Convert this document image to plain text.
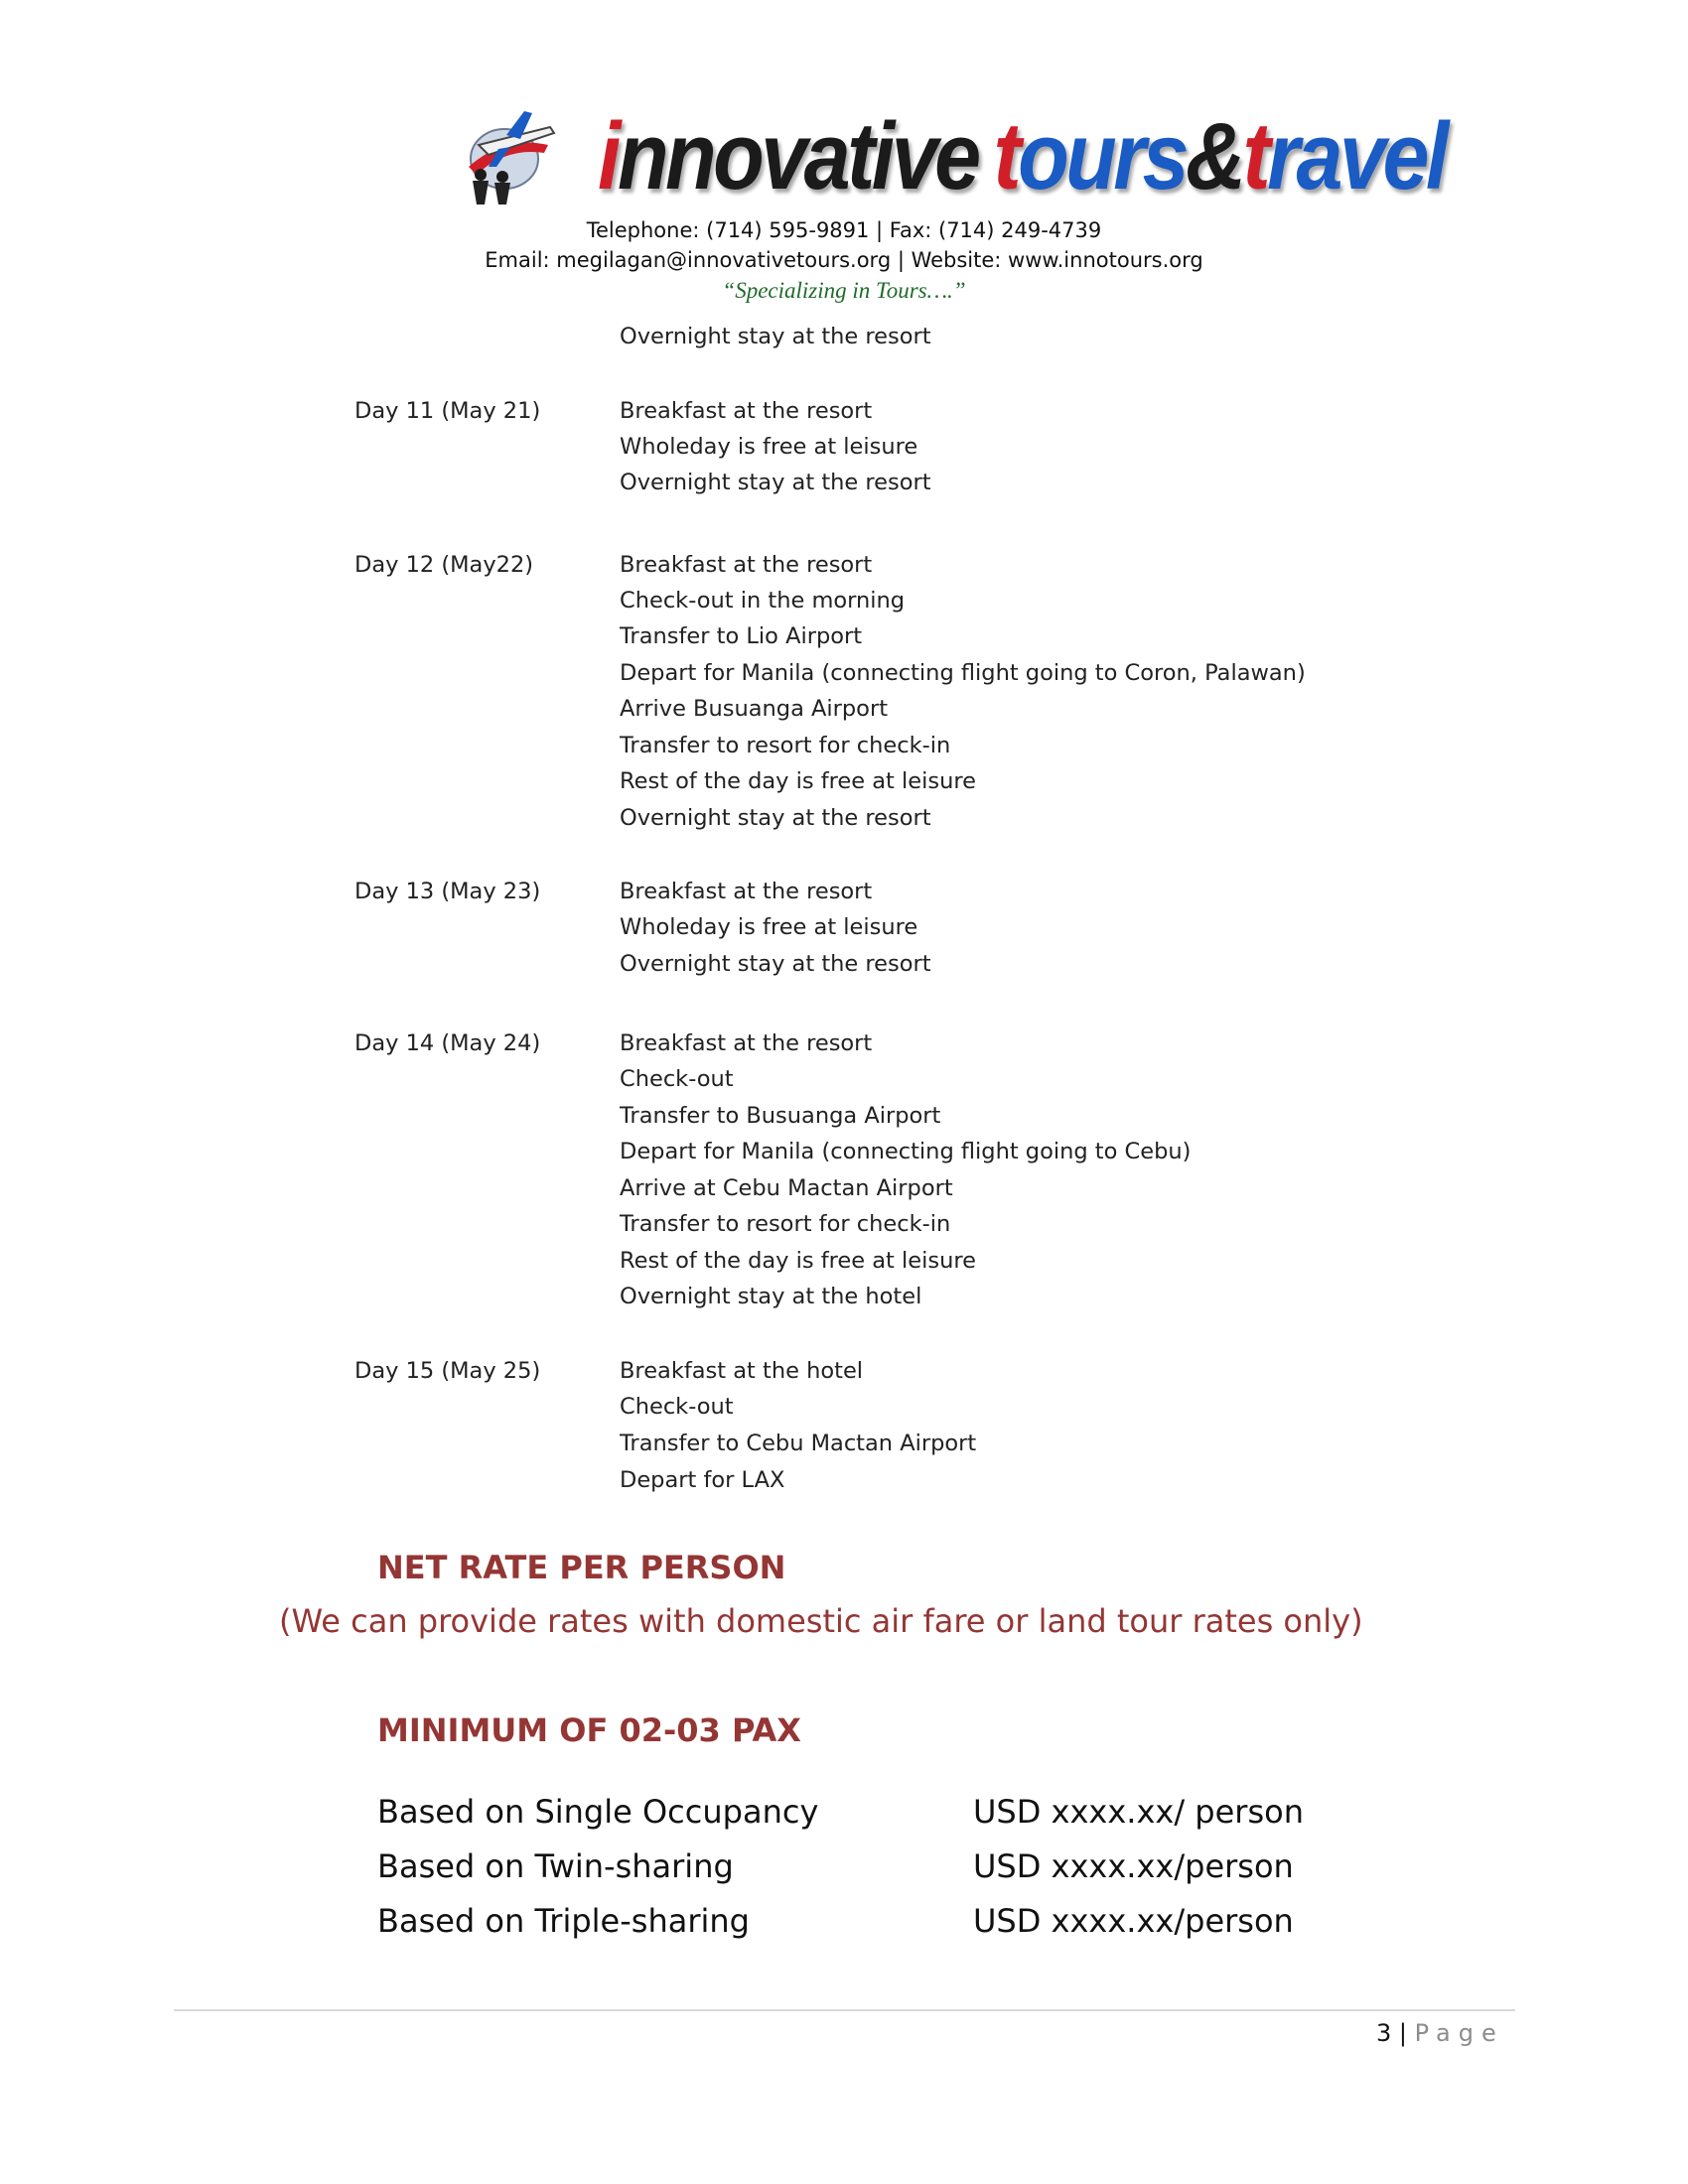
innovative tours&travel
Telephone: (714) 595-9891 | Fax: (714) 249-4739
Email: megilagan@innovativetours.org | Website: www.innotours.org
“Specializing in Tours….”
Overnight stay at the resort
Day 11 (May 21)	Breakfast at the resort
Wholeday is free at leisure
Overnight stay at the resort
Day 12 (May22)	Breakfast at the resort
Check-out in the morning
Transfer to Lio Airport
Depart for Manila (connecting flight going to Coron, Palawan)
Arrive Busuanga Airport
Transfer to resort for check-in
Rest of the day is free at leisure
Overnight stay at the resort
Day 13 (May 23)	Breakfast at the resort
Wholeday is free at leisure
Overnight stay at the resort
Day 14 (May 24)	Breakfast at the resort
Check-out
Transfer to Busuanga Airport
Depart for Manila (connecting flight going to Cebu)
Arrive at Cebu Mactan Airport
Transfer to resort for check-in
Rest of the day is free at leisure
Overnight stay at the hotel
Day 15 (May 25)	Breakfast at the hotel
Check-out
Transfer to Cebu Mactan Airport
Depart for LAX
NET RATE PER PERSON
(We can provide rates with domestic air fare or land tour rates only)
MINIMUM OF 02-03 PAX
Based on Single Occupancy	USD xxxx.xx/ person
Based on Twin-sharing	USD xxxx.xx/person
Based on Triple-sharing	USD xxxx.xx/person
3 | Page
